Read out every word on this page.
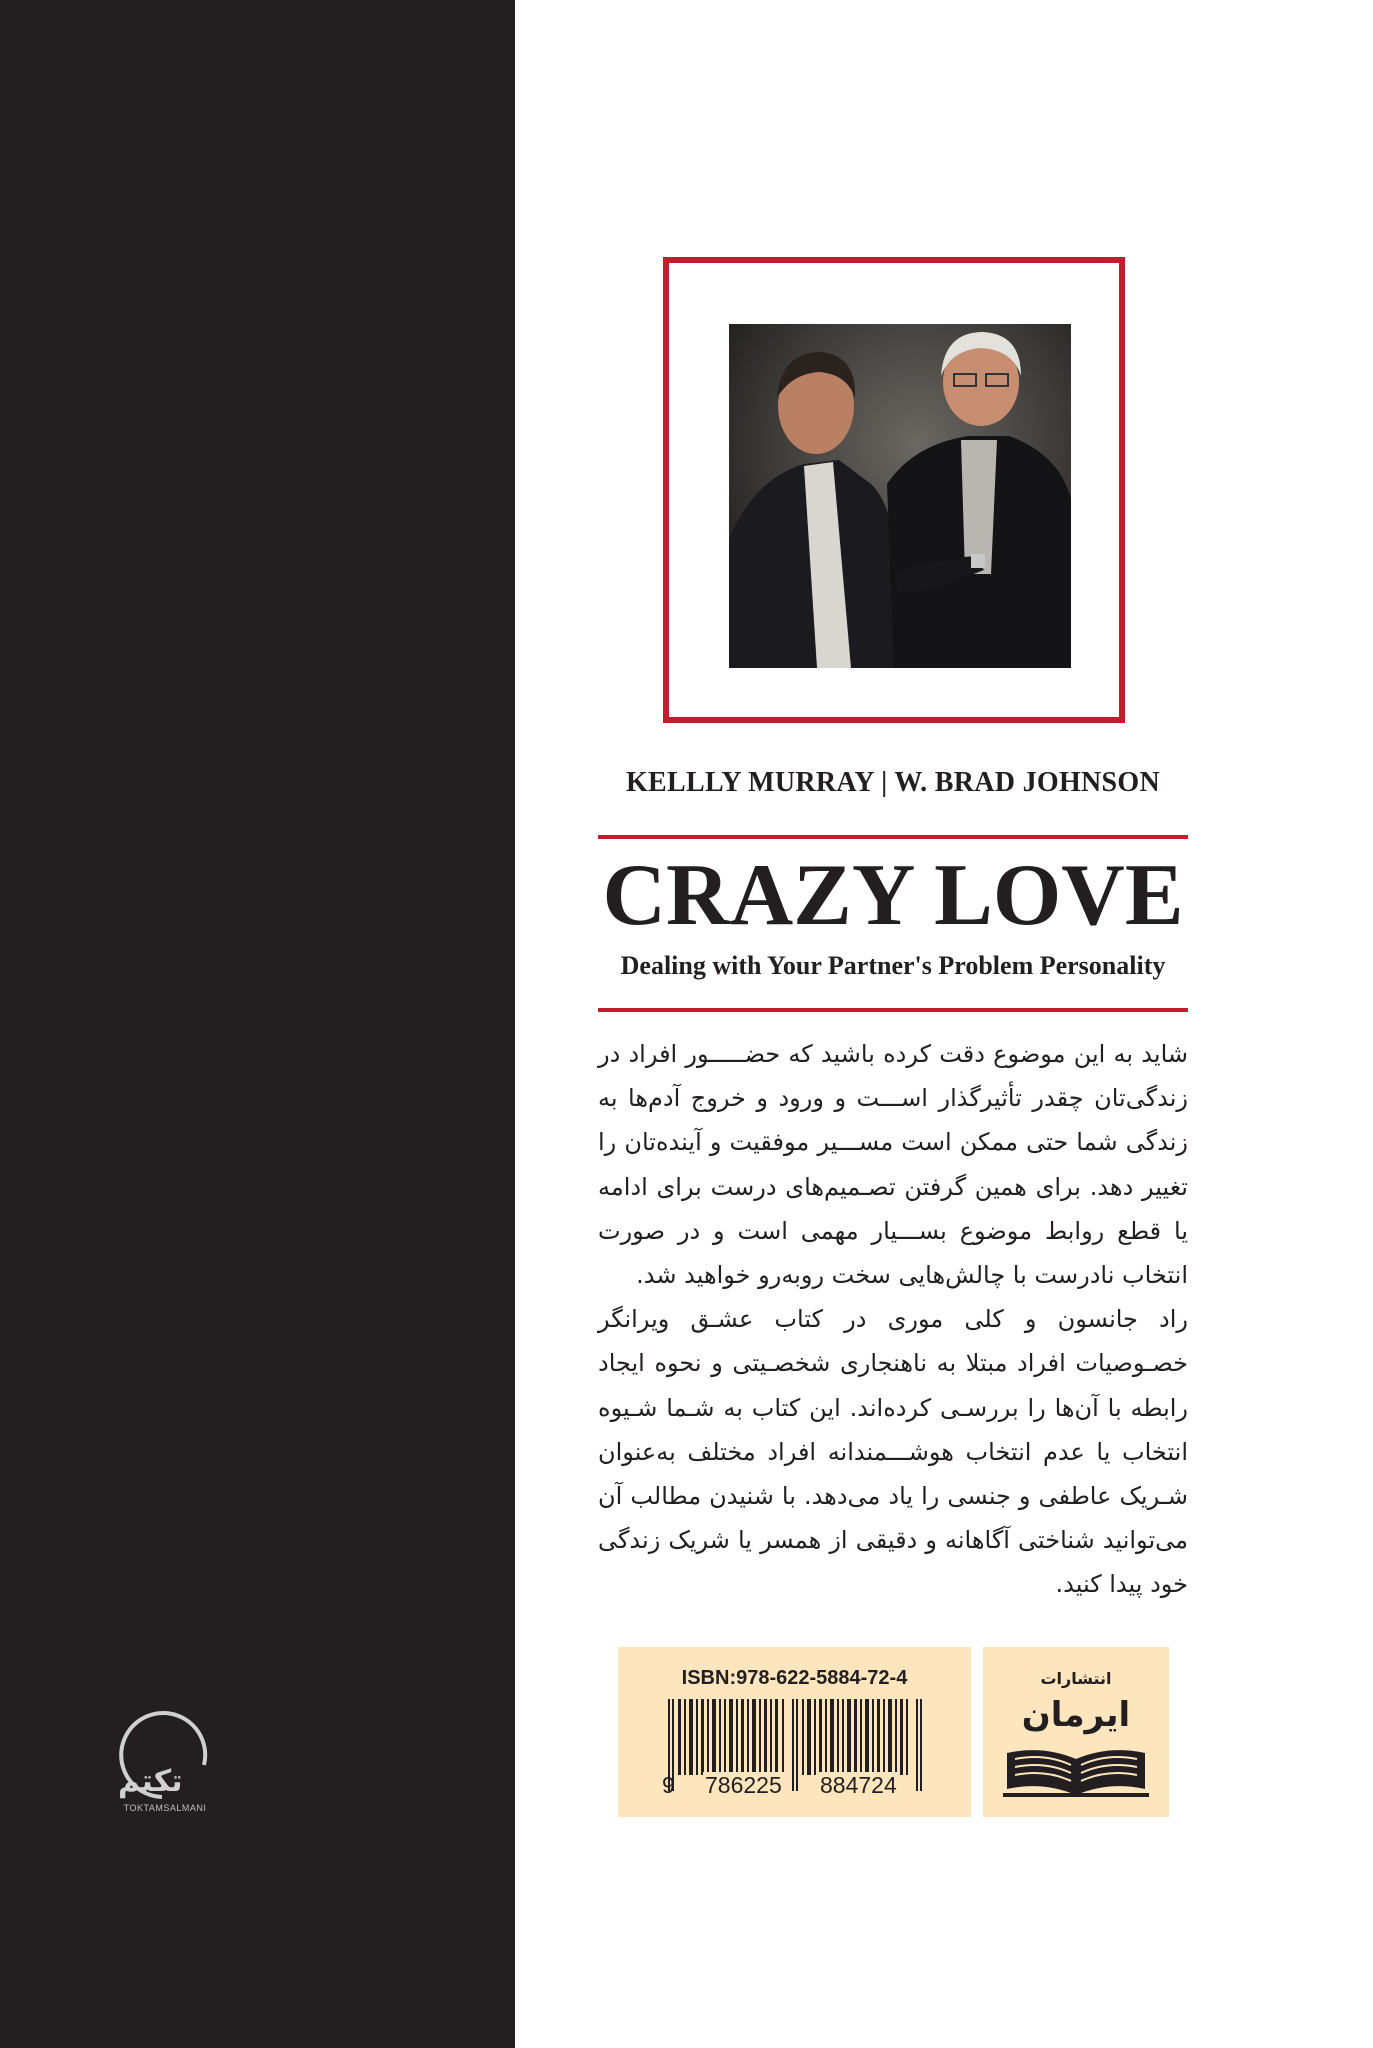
تکتم
TOKTAMSALMANI
KELLLY MURRAY | W. BRAD JOHNSON
CRAZY LOVE
Dealing with Your Partner's Problem Personality

شاید به این موضوع دقت کرده باشید که حضـــــور افراد در زندگی‌تان چقدر تأثیرگذار اســـت و ورود و خروج آدم‌ها به زندگی شما حتی ممکن است مســـیر موفقیت و آینده‌تان را تغییر دهد. برای همین گرفتن تصـمیم‌های درست برای ادامه یا قطع روابط موضوع بســـیار مهمی است و در صورت انتخاب نادرست با چالش‌هایی سخت روبه‌رو خواهید شد.

راد جانسون و کلی موری در کتاب عشـق ویرانگر خصـوصیات افراد مبتلا به ناهنجاری شخصـیتی و نحوه ایجاد رابطه با آن‌ها را بررسـی کرده‌اند. این کتاب به شـما شـیوه انتخاب یا عدم انتخاب هوشـــمندانه افراد مختلف به‌عنوان شـریک عاطفی و جنسی را یاد می‌دهد. با شنیدن مطالب آن می‌توانید شناختی آگاهانه و دقیقی از همسر یا شریک زندگی خود پیدا کنید.

ISBN:978-622-5884-72-4
9 786225 884724
انتشارات
ایرمان
